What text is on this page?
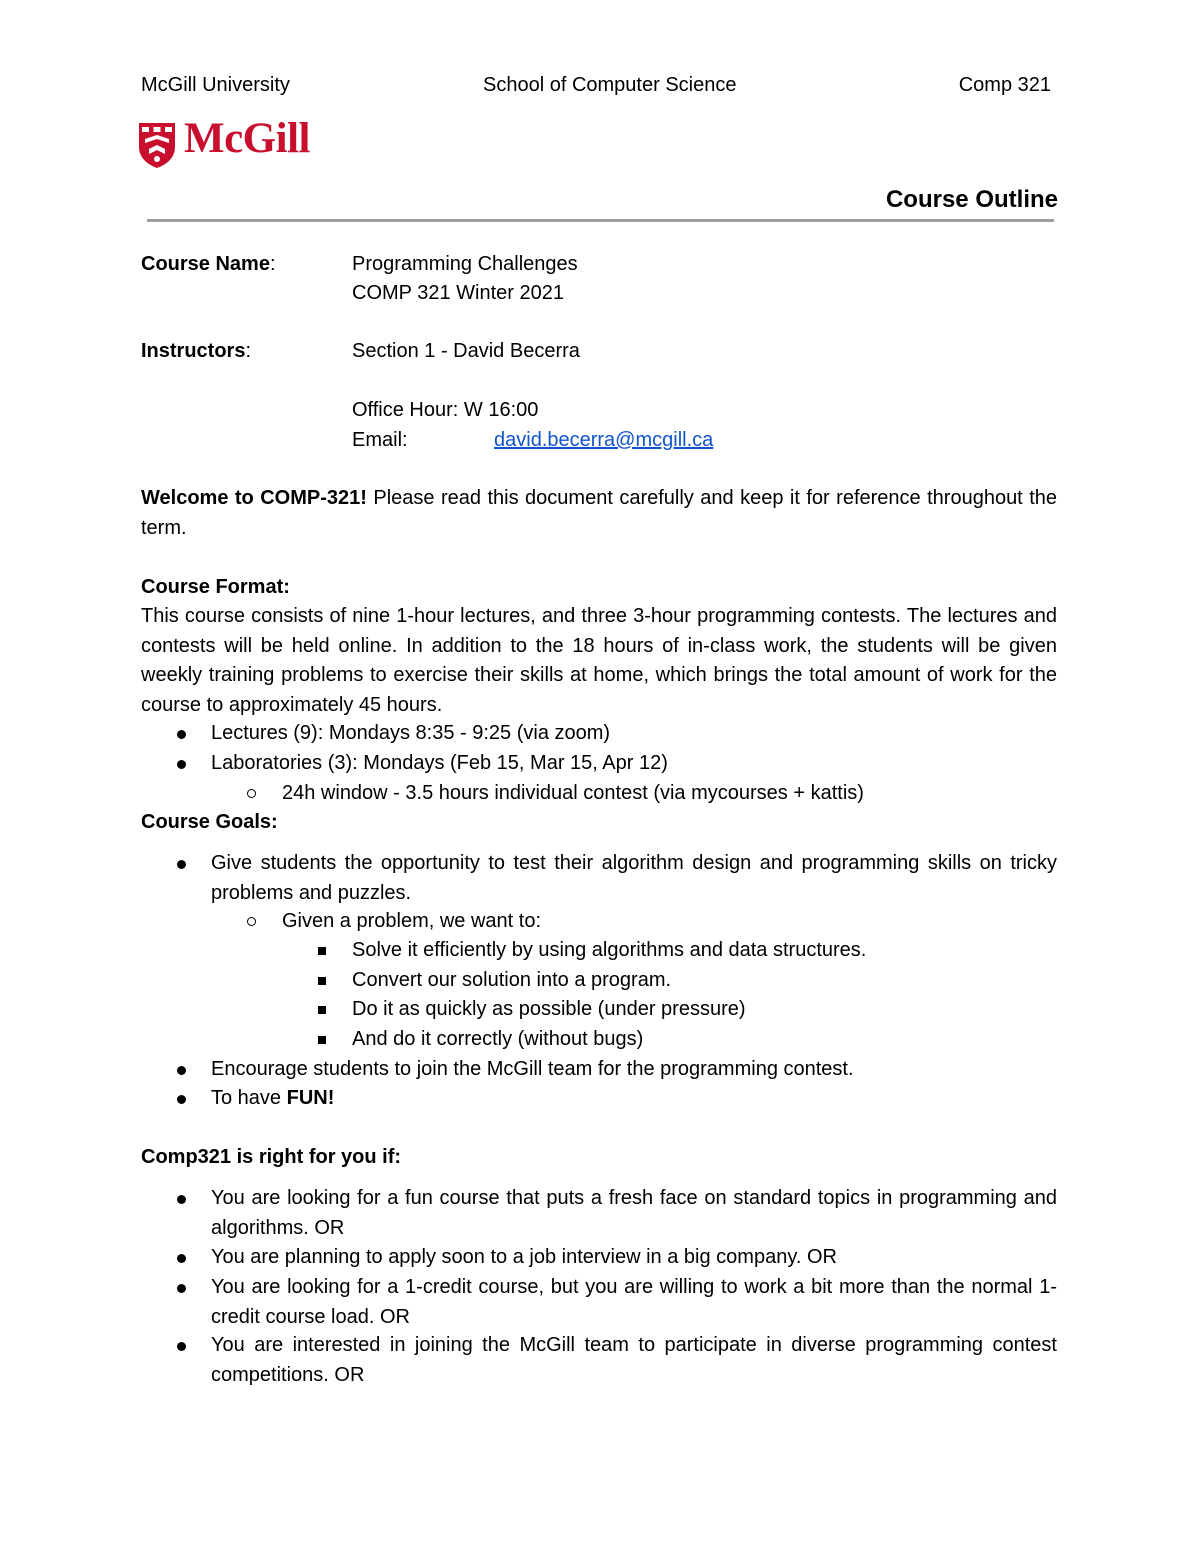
McGill University	School of Computer Science	Comp 321
McGill
Course Outline
Course Name:	Programming Challenges
COMP 321 Winter 2021
Instructors:	Section 1 - David Becerra
Office Hour: W 16:00
Email:	david.becerra@mcgill.ca
Welcome to COMP-321! Please read this document carefully and keep it for reference throughout the term.
Course Format:
This course consists of nine 1-hour lectures, and three 3-hour programming contests. The lectures and contests will be held online. In addition to the 18 hours of in-class work, the students will be given weekly training problems to exercise their skills at home, which brings the total amount of work for the course to approximately 45 hours.
Lectures (9): Mondays 8:35 - 9:25 (via zoom)
Laboratories (3): Mondays (Feb 15, Mar 15, Apr 12)
24h window - 3.5 hours individual contest (via mycourses + kattis)
Course Goals:
Give students the opportunity to test their algorithm design and programming skills on tricky problems and puzzles.
Given a problem, we want to:
Solve it efficiently by using algorithms and data structures.
Convert our solution into a program.
Do it as quickly as possible (under pressure)
And do it correctly (without bugs)
Encourage students to join the McGill team for the programming contest.
To have FUN!
Comp321 is right for you if:
You are looking for a fun course that puts a fresh face on standard topics in programming and algorithms. OR
You are planning to apply soon to a job interview in a big company. OR
You are looking for a 1-credit course, but you are willing to work a bit more than the normal 1-credit course load. OR
You are interested in joining the McGill team to participate in diverse programming contest competitions. OR
